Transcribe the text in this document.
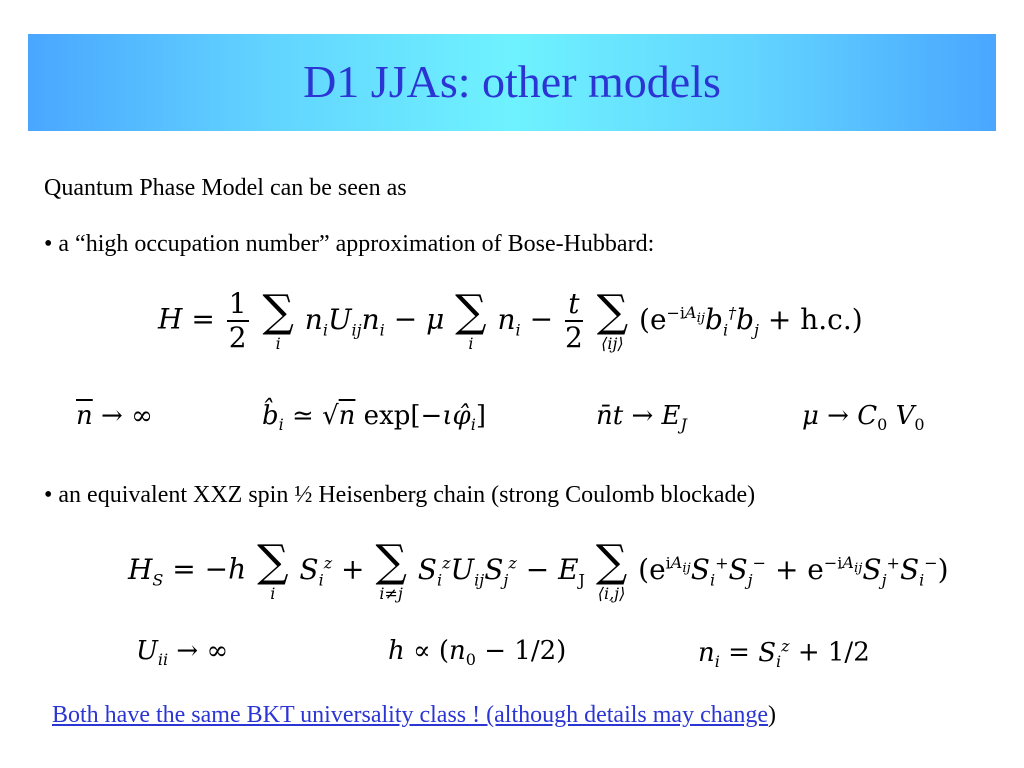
D1 JJAs: other models
Quantum Phase Model can be seen as
• a “high occupation number” approximation of Bose-Hubbard:
$H = \frac{1}{2}$
∑
i
$n_iU_{ij}n_i - \mu$ ∑
i
$n_i - \frac{t}{2}$
∑
⟨ij⟩
$(e^{-iA_{ij}}b_i^\dagger b_j + h.c.)$
$\overline{n}$ → ∞	$b̂_i$ ≃ √n $\exp[-\iota\varphî_i]$	n̄t → $E_J$	$\mu \to C_0$ $V_0$
• an equivalent XXZ spin ½ Heisenberg chain (strong Coulomb blockade)
$H_S = -h$ ∑
i
$S_i^z$ + ∑
i≠j
$S_i^zU_{ij}S_j^z - E_J$ ∑
⟨i,j⟩
$(e^{iA_{ij}}S_i^+S_j^- + e^{-iA_{ij}}S_j^+S_i^-)$
$U_{ii}$ → ∞	$h \propto (n_0 - 1/2)$	$n_i = S_i^z + 1/2$
Both have the same BKT universality class ! (although details may change)
